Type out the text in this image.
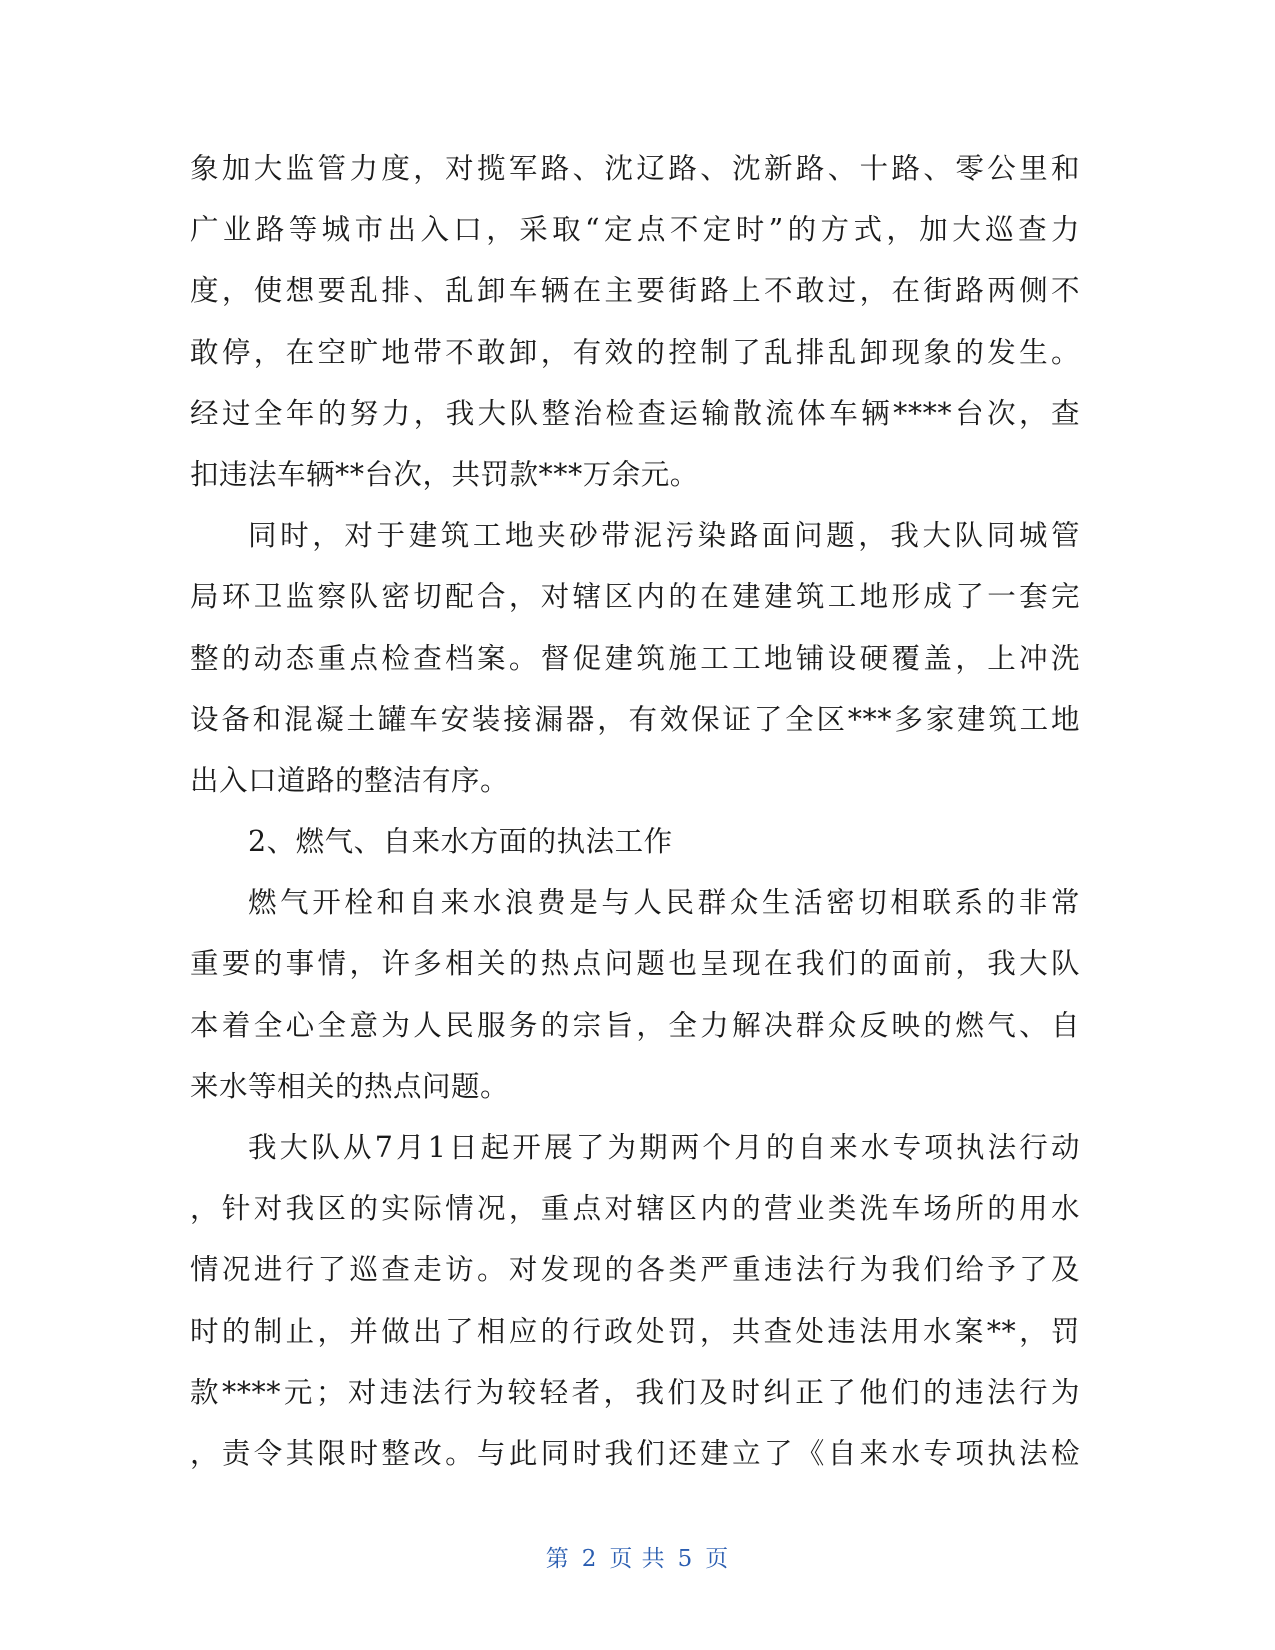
象加大监管力度，对揽军路、沈辽路、沈新路、十路、零公里和
广业路等城市出入口，采取“定点不定时”的方式，加大巡查力
度，使想要乱排、乱卸车辆在主要街路上不敢过，在街路两侧不
敢停，在空旷地带不敢卸，有效的控制了乱排乱卸现象的发生。
经过全年的努力，我大队整治检查运输散流体车辆****台次，查
扣违法车辆**台次，共罚款***万余元。
同时，对于建筑工地夹砂带泥污染路面问题，我大队同城管
局环卫监察队密切配合，对辖区内的在建建筑工地形成了一套完
整的动态重点检查档案。督促建筑施工工地铺设硬覆盖，上冲洗
设备和混凝土罐车安装接漏器，有效保证了全区***多家建筑工地
出入口道路的整洁有序。
2、燃气、自来水方面的执法工作
燃气开栓和自来水浪费是与人民群众生活密切相联系的非常
重要的事情，许多相关的热点问题也呈现在我们的面前，我大队
本着全心全意为人民服务的宗旨，全力解决群众反映的燃气、自
来水等相关的热点问题。
我大队从7月1日起开展了为期两个月的自来水专项执法行动
，针对我区的实际情况，重点对辖区内的营业类洗车场所的用水
情况进行了巡查走访。对发现的各类严重违法行为我们给予了及
时的制止，并做出了相应的行政处罚，共查处违法用水案**，罚
款****元；对违法行为较轻者，我们及时纠正了他们的违法行为
，责令其限时整改。与此同时我们还建立了《自来水专项执法检
第 2 页 共 5 页
